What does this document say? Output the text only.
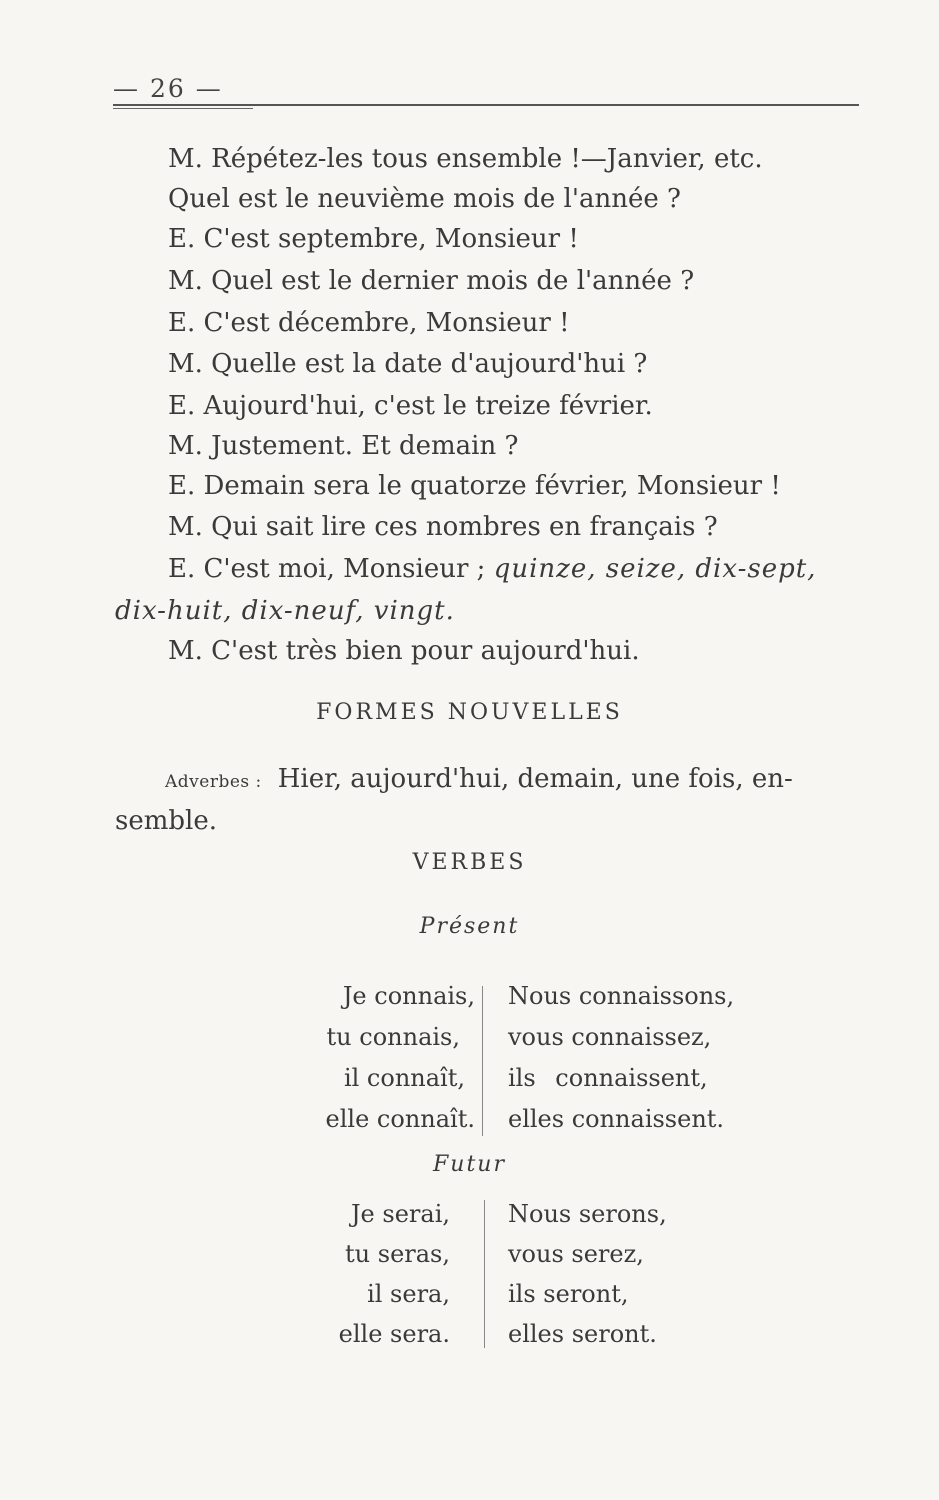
— 26 —
M. Répétez-les tous ensemble !—Janvier, etc.
Quel est le neuvième mois de l'année ?
E. C'est septembre, Monsieur !
M. Quel est le dernier mois de l'année ?
E. C'est décembre, Monsieur !
M. Quelle est la date d'aujourd'hui ?
E. Aujourd'hui, c'est le treize février.
M. Justement. Et demain ?
E. Demain sera le quatorze février, Monsieur !
M. Qui sait lire ces nombres en français ?
E. C'est moi, Monsieur ; quinze, seize, dix-sept,
dix-huit, dix-neuf, vingt.
M. C'est très bien pour aujourd'hui.
FORMES NOUVELLES
Adverbes : Hier, aujourd'hui, demain, une fois, en-
semble.
VERBES
Présent
Je connais,
tu connais,
il connaît,
elle connaît.
Nous connaissons,
vous connaissez,
ils connaissent,
elles connaissent.
Futur
Je serai,
tu seras,
il sera,
elle sera.
Nous serons,
vous serez,
ils seront,
elles seront.
